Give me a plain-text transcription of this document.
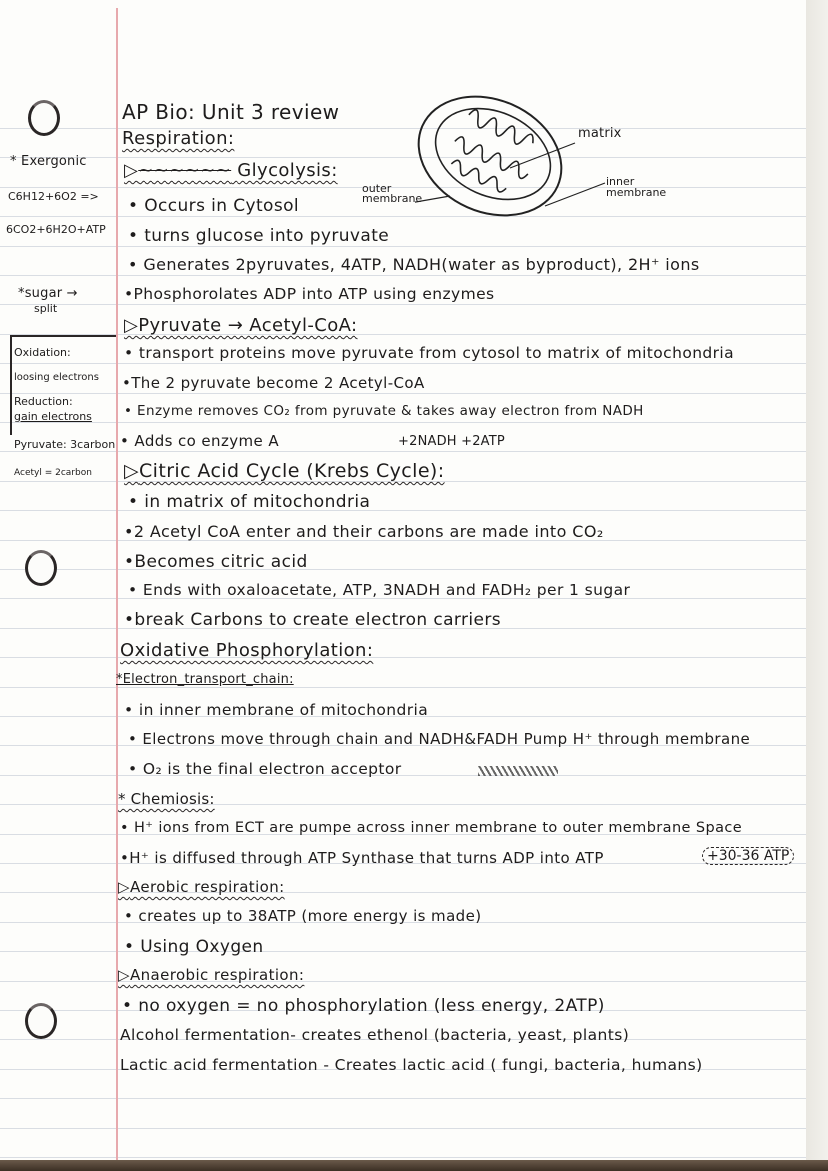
AP Bio: Unit 3 review
Respiration:	matrix
inner membrane
outer membrane
* Exergonic
C6H12+6O2 =>
6CO2+6H2O+ATP
*sugar →
split
Oxidation:
loosing electrons
Reduction:
gain electrons
Pyruvate: 3carbon
Acetyl = 2carbon
▷~~~~~~ Glycolysis:
• Occurs in Cytosol
• turns glucose into pyruvate
• Generates 2pyruvates, 4ATP, NADH(water as byproduct), 2H⁺ ions
•Phosphorolates ADP into ATP using enzymes
▷Pyruvate → Acetyl-CoA:
• transport proteins move pyruvate from cytosol to matrix of mitochondria
•The 2 pyruvate become 2 Acetyl-CoA
• Enzyme removes CO₂ from pyruvate & takes away electron from NADH
• Adds co enzyme A	+2NADH +2ATP
▷Citric Acid Cycle (Krebs Cycle):
• in matrix of mitochondria
•2 Acetyl CoA enter and their carbons are made into CO₂
•Becomes citric acid
• Ends with oxaloacetate, ATP, 3NADH and FADH₂ per 1 sugar
•break Carbons to create electron carriers
Oxidative Phosphorylation:
*Electron_transport_chain:
• in inner membrane of mitochondria
• Electrons move through chain and NADH&FADH Pump H⁺ through membrane
• O₂ is the final electron acceptor
* Chemiosis:
• H⁺ ions from ECT are pumpe across inner membrane to outer membrane Space
•H⁺ is diffused through ATP Synthase that turns ADP into ATP	+30-36 ATP
▷Aerobic respiration:
• creates up to 38ATP (more energy is made)
• Using Oxygen
▷Anaerobic respiration:
• no oxygen = no phosphorylation (less energy, 2ATP)
Alcohol fermentation- creates ethenol (bacteria, yeast, plants)
Lactic acid fermentation - Creates lactic acid ( fungi, bacteria, humans)
